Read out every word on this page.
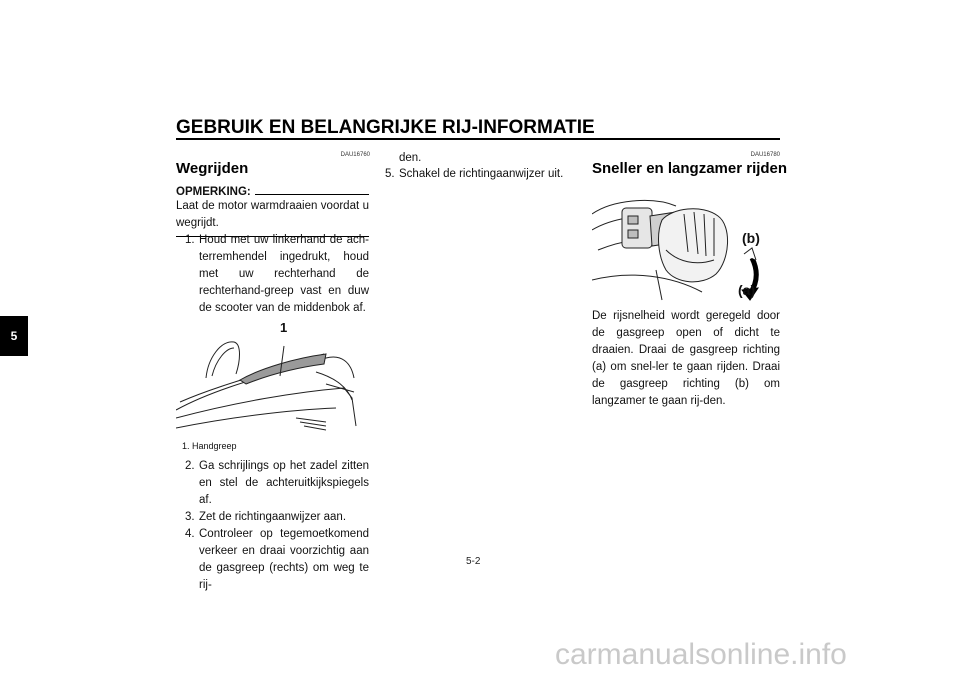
GEBRUIK EN BELANGRIJKE RIJ-INFORMATIE
5
DAU16760
Wegrijden
OPMERKING:
Laat de motor warmdraaien voordat u wegrijdt.
1. Houd met uw linkerhand de ach-terremhendel ingedrukt, houd met uw rechterhand de rechterhand-greep vast en duw de scooter van de middenbok af.
1
1. Handgreep
2. Ga schrijlings op het zadel zitten en stel de achteruitkijkspiegels af.
3. Zet de richtingaanwijzer aan.
4. Controleer op tegemoetkomend verkeer en draai voorzichtig aan de gasgreep (rechts) om weg te rij-
den.
5. Schakel de richtingaanwijzer uit.
DAU16780
Sneller en langzamer rijden
(b)
(a)
De rijsnelheid wordt geregeld door de gasgreep open of dicht te draaien. Draai de gasgreep richting (a) om snel-ler te gaan rijden. Draai de gasgreep richting (b) om langzamer te gaan rij-den.
5-2
carmanualsonline.info
